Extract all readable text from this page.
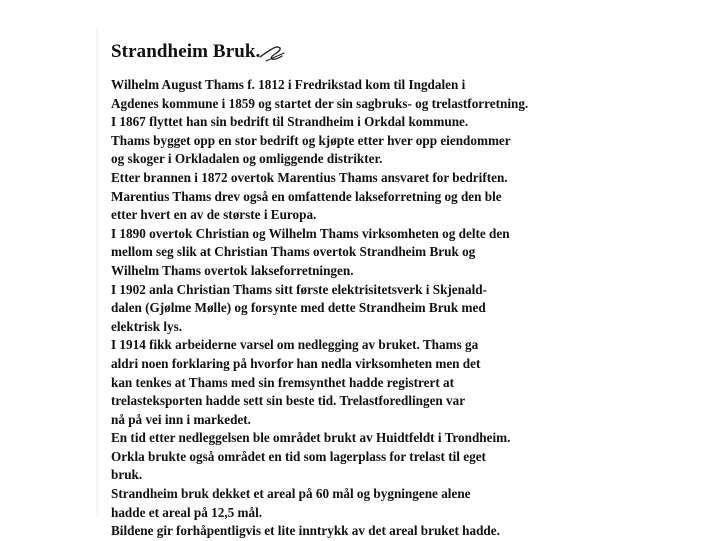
Strandheim Bruk.
Wilhelm August Thams f. 1812 i Fredrikstad kom til Ingdalen i
Agdenes kommune i 1859 og startet der sin sagbruks- og trelastforretning.
I 1867 flyttet han sin bedrift til Strandheim i Orkdal kommune.
Thams bygget opp en stor bedrift og kjøpte etter hver opp eiendommer
og skoger i Orkladalen og omliggende distrikter.
Etter brannen i 1872 overtok Marentius Thams ansvaret for bedriften.
Marentius Thams drev også en omfattende lakseforretning og den ble
etter hvert en av de største i Europa.
I 1890 overtok Christian og Wilhelm Thams virksomheten og delte den
mellom seg slik at Christian Thams overtok Strandheim Bruk og
Wilhelm Thams overtok lakseforretningen.
I 1902 anla Christian Thams sitt første elektrisitetsverk i Skjenald-
dalen (Gjølme Mølle) og forsynte med dette Strandheim Bruk med
elektrisk lys.
I 1914 fikk arbeiderne varsel om nedlegging av bruket. Thams ga
aldri noen forklaring på hvorfor han nedla virksomheten men det
kan tenkes at Thams med sin fremsynthet hadde registrert at
trelasteksporten hadde sett sin beste tid. Trelastforedlingen var
nå på vei inn i markedet.
En tid etter nedleggelsen ble området brukt av Huidtfeldt i Trondheim.
Orkla brukte også området en tid som lagerplass for trelast til eget
bruk.
Strandheim bruk dekket et areal på 60 mål og bygningene alene
hadde et areal på 12,5 mål.
Bildene gir forhåpentligvis et lite inntrykk av det areal bruket hadde.
